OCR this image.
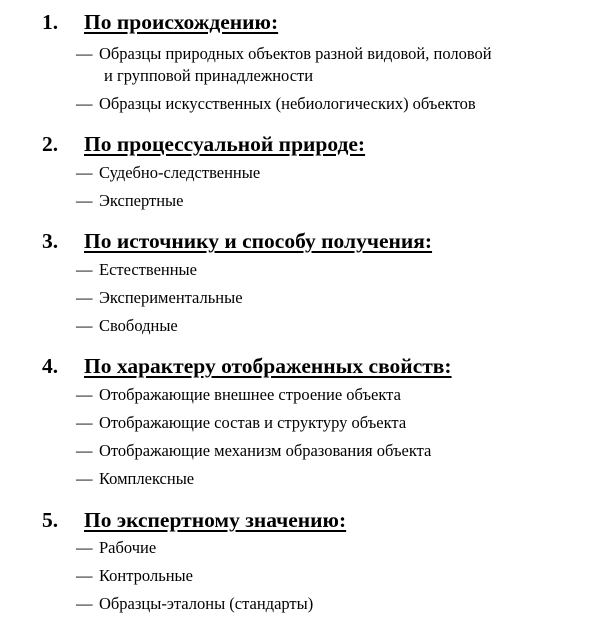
1. По происхождению:
— Образцы природных объектов разной видовой, половой
и групповой принадлежности
— Образцы искусственных (небиологических) объектов
2. По процессуальной природе:
— Судебно-следственные
— Экспертные
3. По источнику и способу получения:
— Естественные
— Экспериментальные
— Свободные
4. По характеру отображенных свойств:
— Отображающие внешнее строение объекта
— Отображающие состав и структуру объекта
— Отображающие механизм образования объекта
— Комплексные
5. По экспертному значению:
— Рабочие
— Контрольные
— Образцы-эталоны (стандарты)
